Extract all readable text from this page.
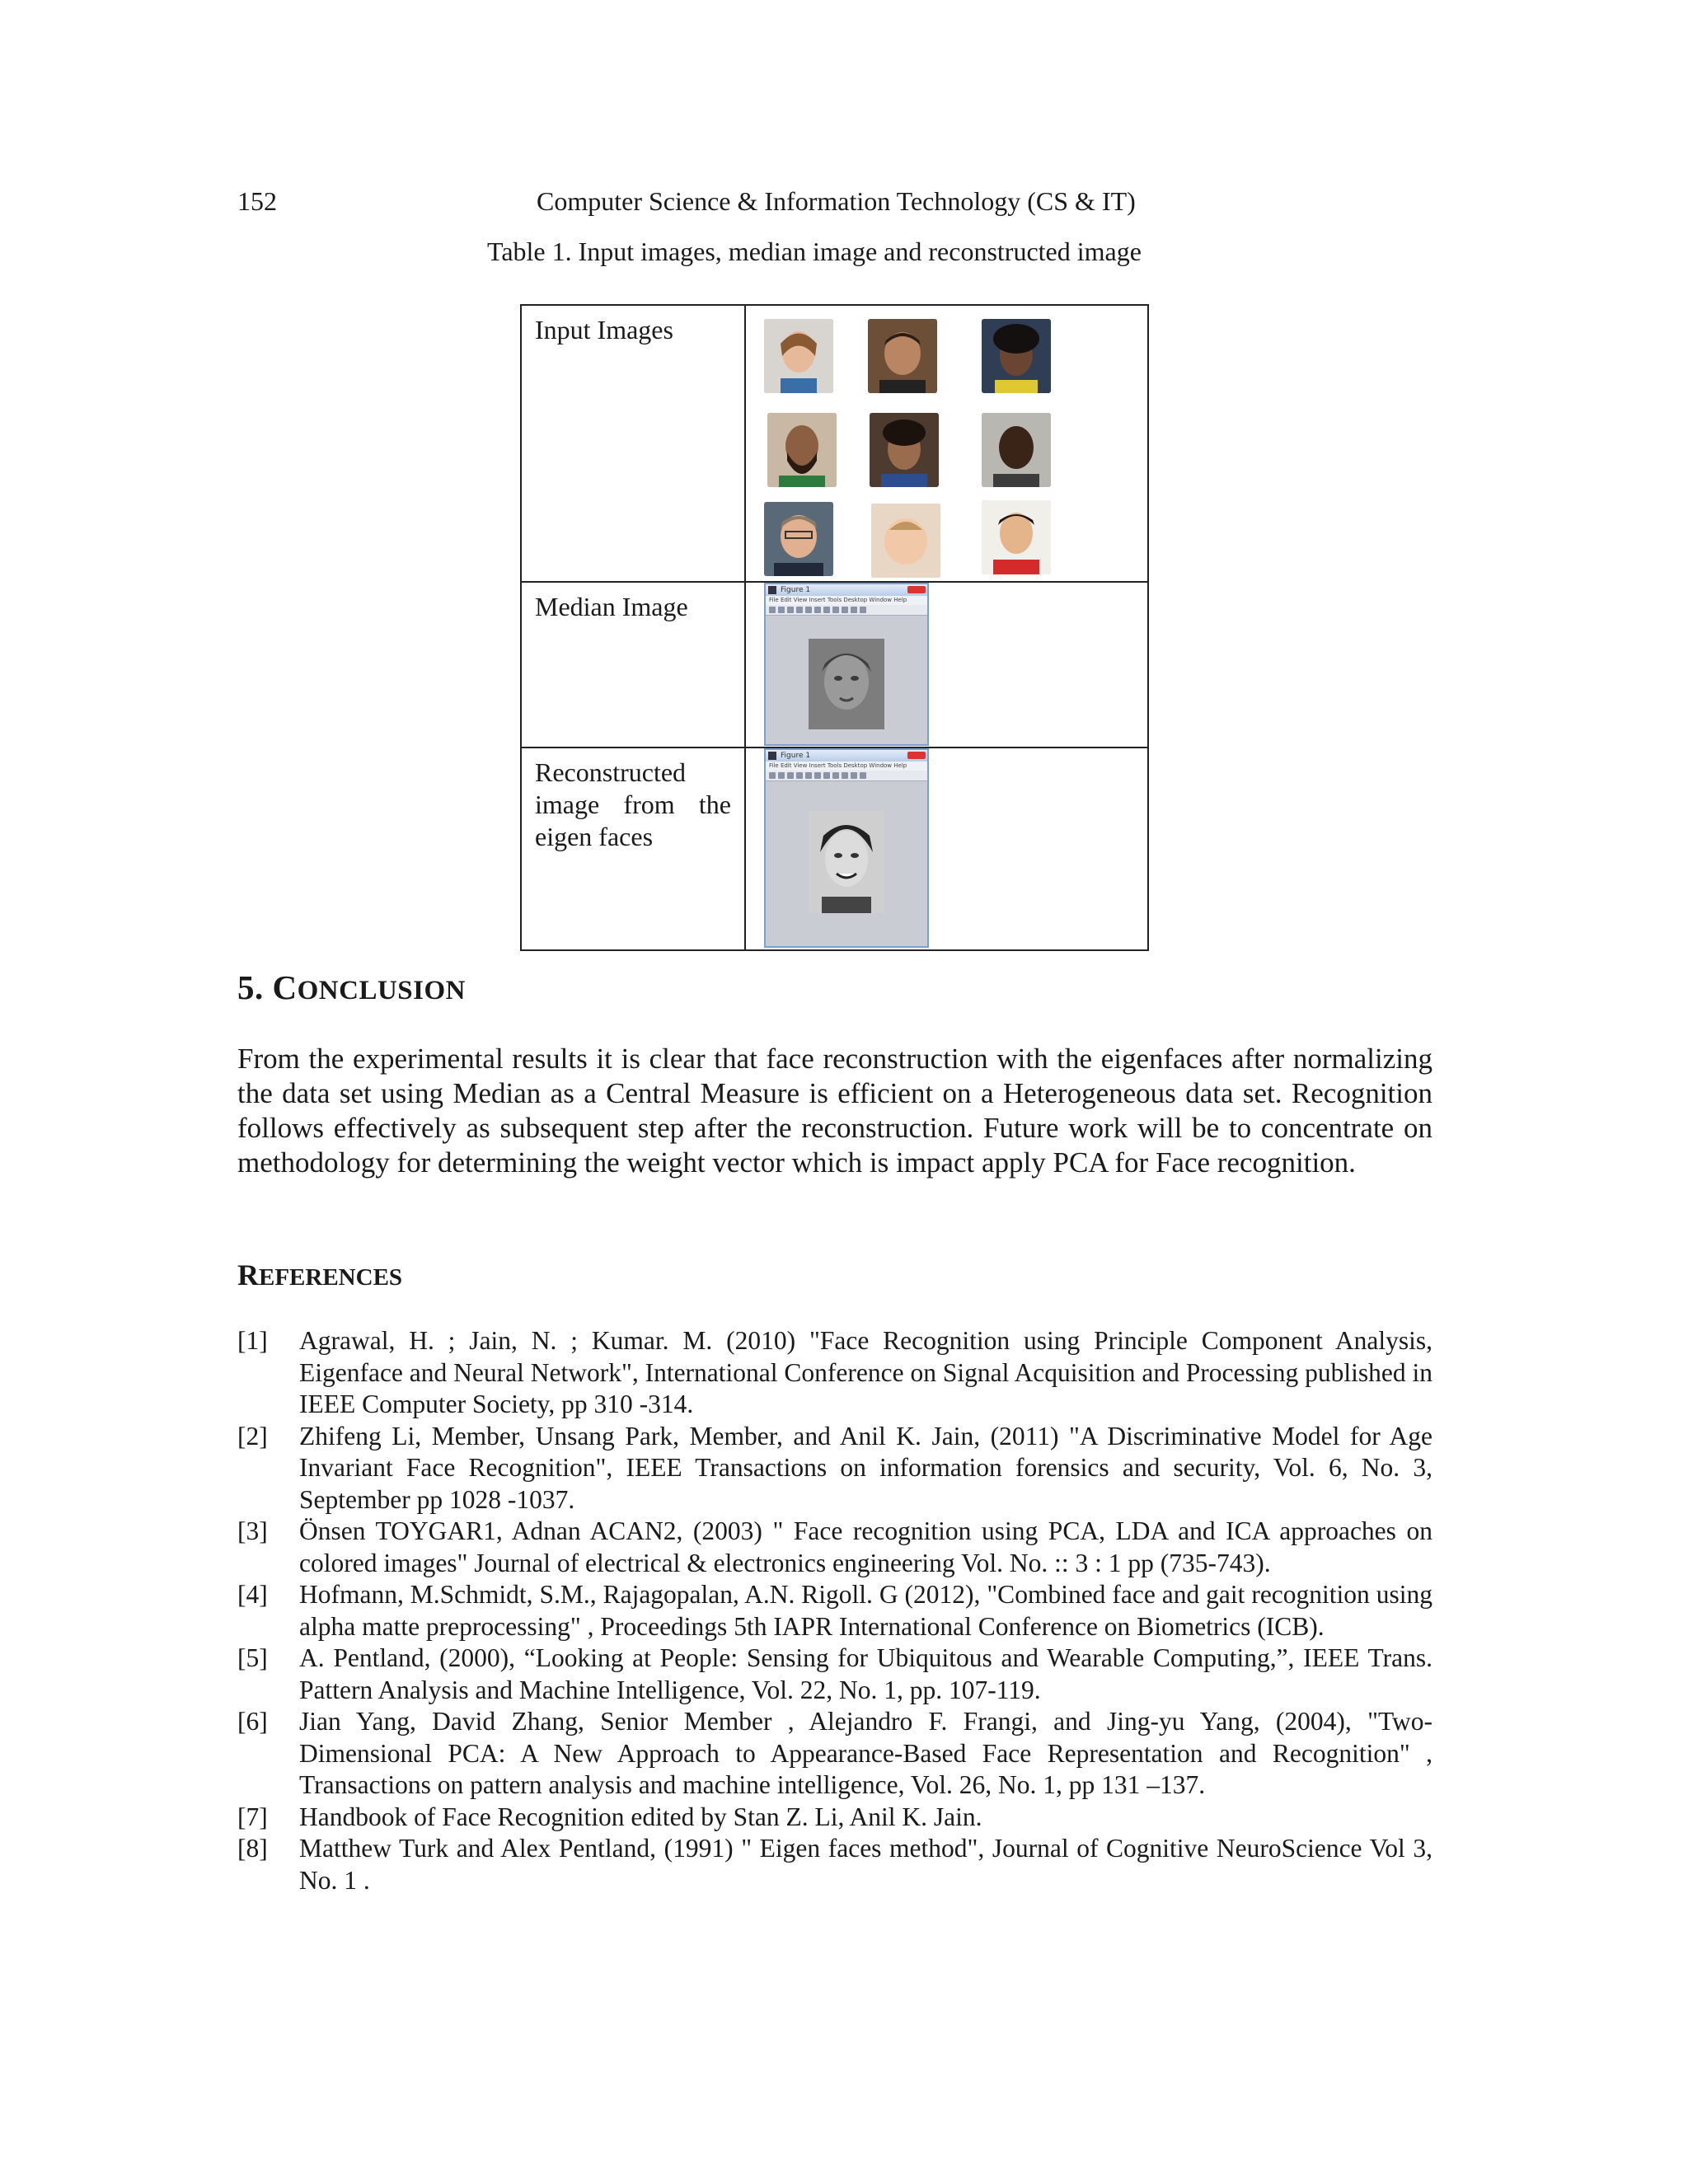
152	Computer Science & Information Technology (CS & IT)
Table 1. Input images, median image and reconstructed image
Input Images	

Median Image	Figure 1
File Edit View Insert Tools Desktop Window Help

Reconstructed image from the eigen faces	Figure 1
File Edit View Insert Tools Desktop Window Help
5. CONCLUSION

From the experimental results it is clear that face reconstruction with the eigenfaces after normalizing the data set using Median as a Central Measure is efficient on a Heterogeneous data set. Recognition follows effectively as subsequent step after the reconstruction. Future work will be to concentrate on methodology for determining the weight vector which is impact apply PCA for Face recognition.

REFERENCES
[1] Agrawal, H. ; Jain, N. ; Kumar. M. (2010) "Face Recognition using Principle Component Analysis, Eigenface and Neural Network", International Conference on Signal Acquisition and Processing published in IEEE Computer Society, pp 310 -314.
[2] Zhifeng Li, Member, Unsang Park, Member, and Anil K. Jain, (2011) "A Discriminative Model for Age Invariant Face Recognition", IEEE Transactions on information forensics and security, Vol. 6, No. 3, September pp 1028 -1037.
[3] Önsen TOYGAR1, Adnan ACAN2, (2003) " Face recognition using PCA, LDA and ICA approaches on colored images" Journal of electrical & electronics engineering Vol. No. :: 3 : 1 pp (735-743).
[4] Hofmann, M.Schmidt, S.M., Rajagopalan, A.N. Rigoll. G (2012), "Combined face and gait recognition using alpha matte preprocessing" , Proceedings 5th IAPR International Conference on Biometrics (ICB).
[5] A. Pentland, (2000), “Looking at People: Sensing for Ubiquitous and Wearable Computing,”, IEEE Trans. Pattern Analysis and Machine Intelligence, Vol. 22, No. 1, pp. 107-119.
[6] Jian Yang, David Zhang, Senior Member , Alejandro F. Frangi, and Jing-yu Yang, (2004), "Two-Dimensional PCA: A New Approach to Appearance-Based Face Representation and Recognition" , Transactions on pattern analysis and machine intelligence, Vol. 26, No. 1, pp 131 –137.
[7] Handbook of Face Recognition edited by Stan Z. Li, Anil K. Jain.
[8] Matthew Turk and Alex Pentland, (1991) " Eigen faces method", Journal of Cognitive NeuroScience Vol 3, No. 1 .
